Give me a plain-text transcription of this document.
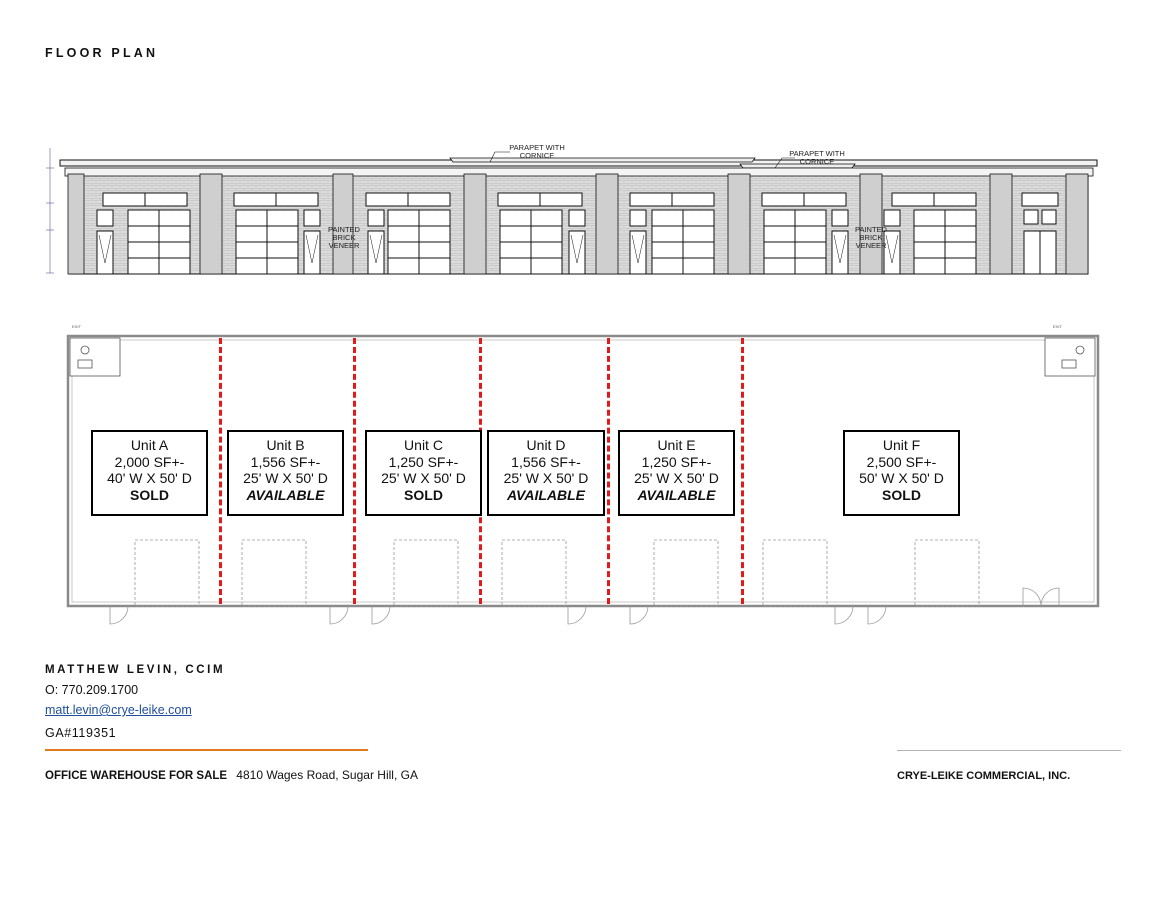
FLOOR PLAN
PARAPET WITH
CORNICE	PARAPET WITH
CORNICE
PAINTED
BRICK
VENEER
PAINTED
BRICK
VENEER
EXIT	EXIT
Unit A
2,000 SF+-
40' W X 50' D
SOLD
Unit B
1,556 SF+-
25' W X 50' D
AVAILABLE
Unit C
1,250 SF+-
25' W X 50' D
SOLD
Unit D
1,556 SF+-
25' W X 50' D
AVAILABLE
Unit E
1,250 SF+-
25' W X 50' D
AVAILABLE
Unit F
2,500 SF+-
50' W X 50' D
SOLD
MATTHEW LEVIN, CCIM
O: 770.209.1700
matt.levin@crye-leike.com
GA#119351
OFFICE WAREHOUSE FOR SALE 4810 Wages Road, Sugar Hill, GA	CRYE-LEIKE COMMERCIAL, INC.
